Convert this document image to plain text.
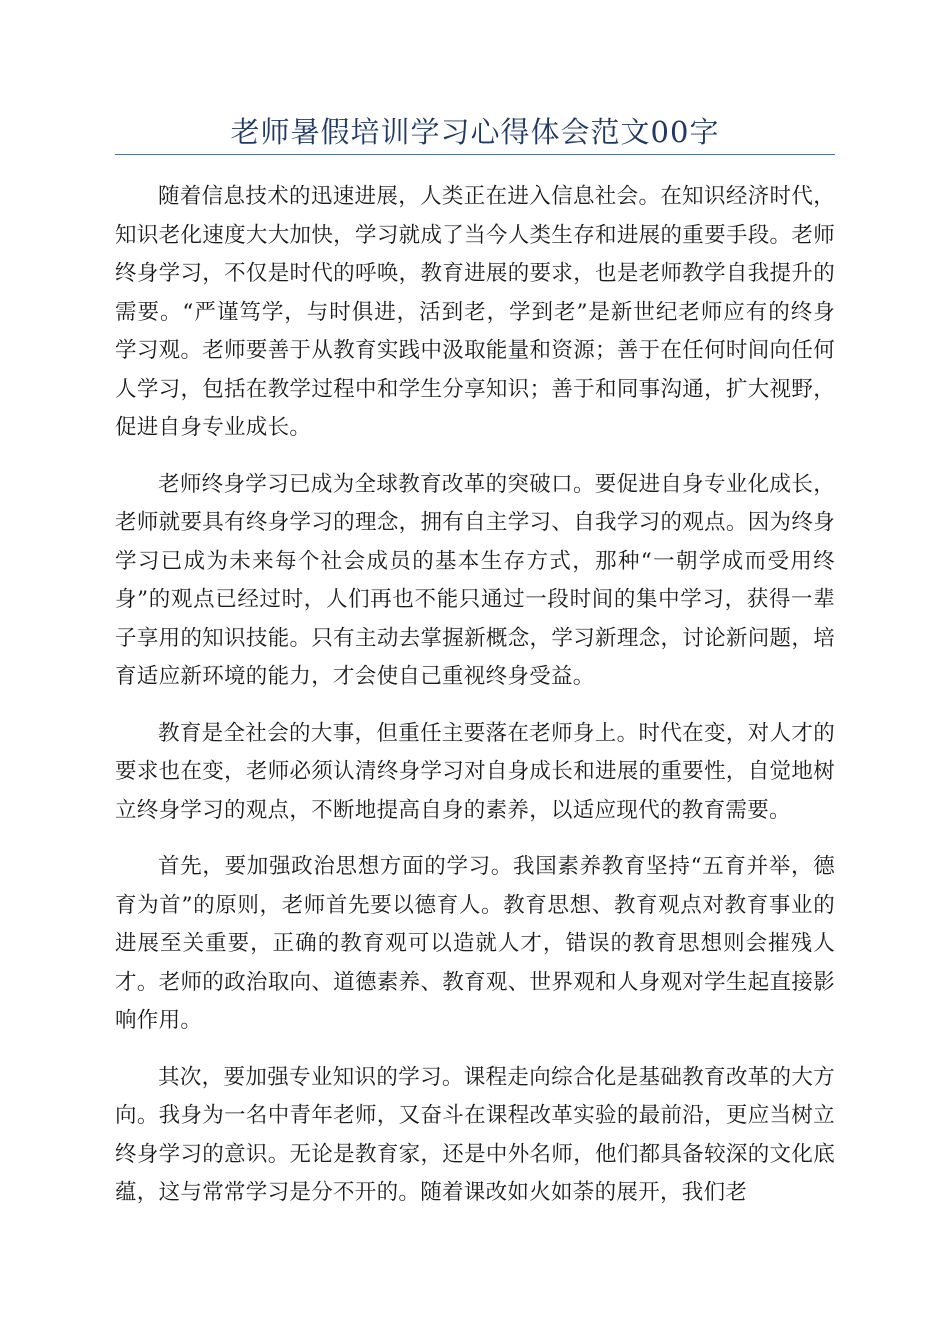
老师暑假培训学习心得体会范文00字

随着信息技术的迅速进展，人类正在进入信息社会。在知识经济时代，知识老化速度大大加快，学习就成了当今人类生存和进展的重要手段。老师终身学习，不仅是时代的呼唤，教育进展的要求，也是老师教学自我提升的需要。“严谨笃学，与时俱进，活到老，学到老”是新世纪老师应有的终身学习观。老师要善于从教育实践中汲取能量和资源；善于在任何时间向任何人学习，包括在教学过程中和学生分享知识；善于和同事沟通，扩大视野，促进自身专业成长。

老师终身学习已成为全球教育改革的突破口。要促进自身专业化成长，老师就要具有终身学习的理念，拥有自主学习、自我学习的观点。因为终身学习已成为未来每个社会成员的基本生存方式，那种“一朝学成而受用终身”的观点已经过时，人们再也不能只通过一段时间的集中学习，获得一辈子享用的知识技能。只有主动去掌握新概念，学习新理念，讨论新问题，培育适应新环境的能力，才会使自己重视终身受益。

教育是全社会的大事，但重任主要落在老师身上。时代在变，对人才的要求也在变，老师必须认清终身学习对自身成长和进展的重要性，自觉地树立终身学习的观点，不断地提高自身的素养，以适应现代的教育需要。

首先，要加强政治思想方面的学习。我国素养教育坚持“五育并举，德育为首”的原则，老师首先要以德育人。教育思想、教育观点对教育事业的进展至关重要，正确的教育观可以造就人才，错误的教育思想则会摧残人才。老师的政治取向、道德素养、教育观、世界观和人身观对学生起直接影响作用。

其次，要加强专业知识的学习。课程走向综合化是基础教育改革的大方向。我身为一名中青年老师，又奋斗在课程改革实验的最前沿，更应当树立终身学习的意识。无论是教育家，还是中外名师，他们都具备较深的文化底蕴，这与常常学习是分不开的。随着课改如火如荼的展开，我们老
